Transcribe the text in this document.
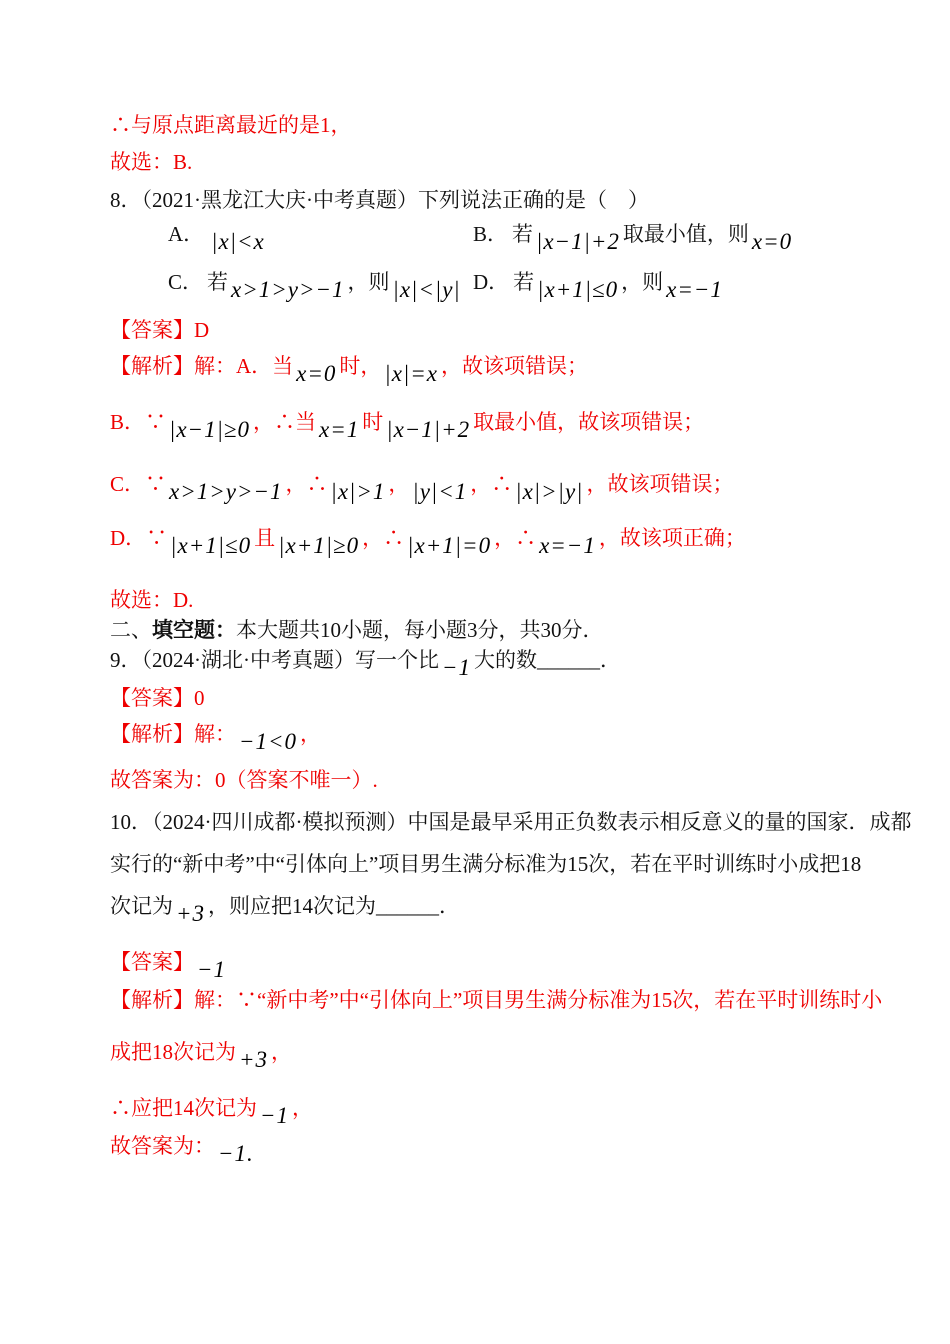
∴与原点距离最近的是1，

故选：B.

8．（2021·黑龙江大庆·中考真题）下列说法正确的是（　）

A． |x|<x	B． 若 |x−1|+2 取最小值，则 x=0
C． 若 x>1>y>−1 ，则 |x|<|y| D． 若 |x+1|≤0 ，则 x=−1

【答案】D

【解析】解：A．当 x=0 时， |x|=x ，故该项错误；

B．∵ |x−1|≥0 ，∴当 x=1 时 |x−1|+2 取最小值，故该项错误；

C．∵ x>1>y>−1 ，∴ |x|>1 ， |y|<1 ，∴ |x|>|y| ，故该项错误；

D．∵ |x+1|≤0 且 |x+1|≥0 ，∴ |x+1|=0 ，∴ x=−1 ，故该项正确；

故选：D.

二、填空题：本大题共10小题，每小题3分，共30分．

9．（2024·湖北·中考真题）写一个比 −1 大的数______．

【答案】0

【解析】解： −1<0 ，

故答案为：0（答案不唯一）.

10．（2024·四川成都·模拟预测）中国是最早采用正负数表示相反意义的量的国家．成都

实行的“新中考”中“引体向上”项目男生满分标准为15次，若在平时训练时小成把18

次记为 +3 ，则应把14次记为______．

【答案】 −1

【解析】解：∵“新中考”中“引体向上”项目男生满分标准为15次，若在平时训练时小

成把18次记为 +3 ，

∴应把14次记为 −1 ，

故答案为： −1.
